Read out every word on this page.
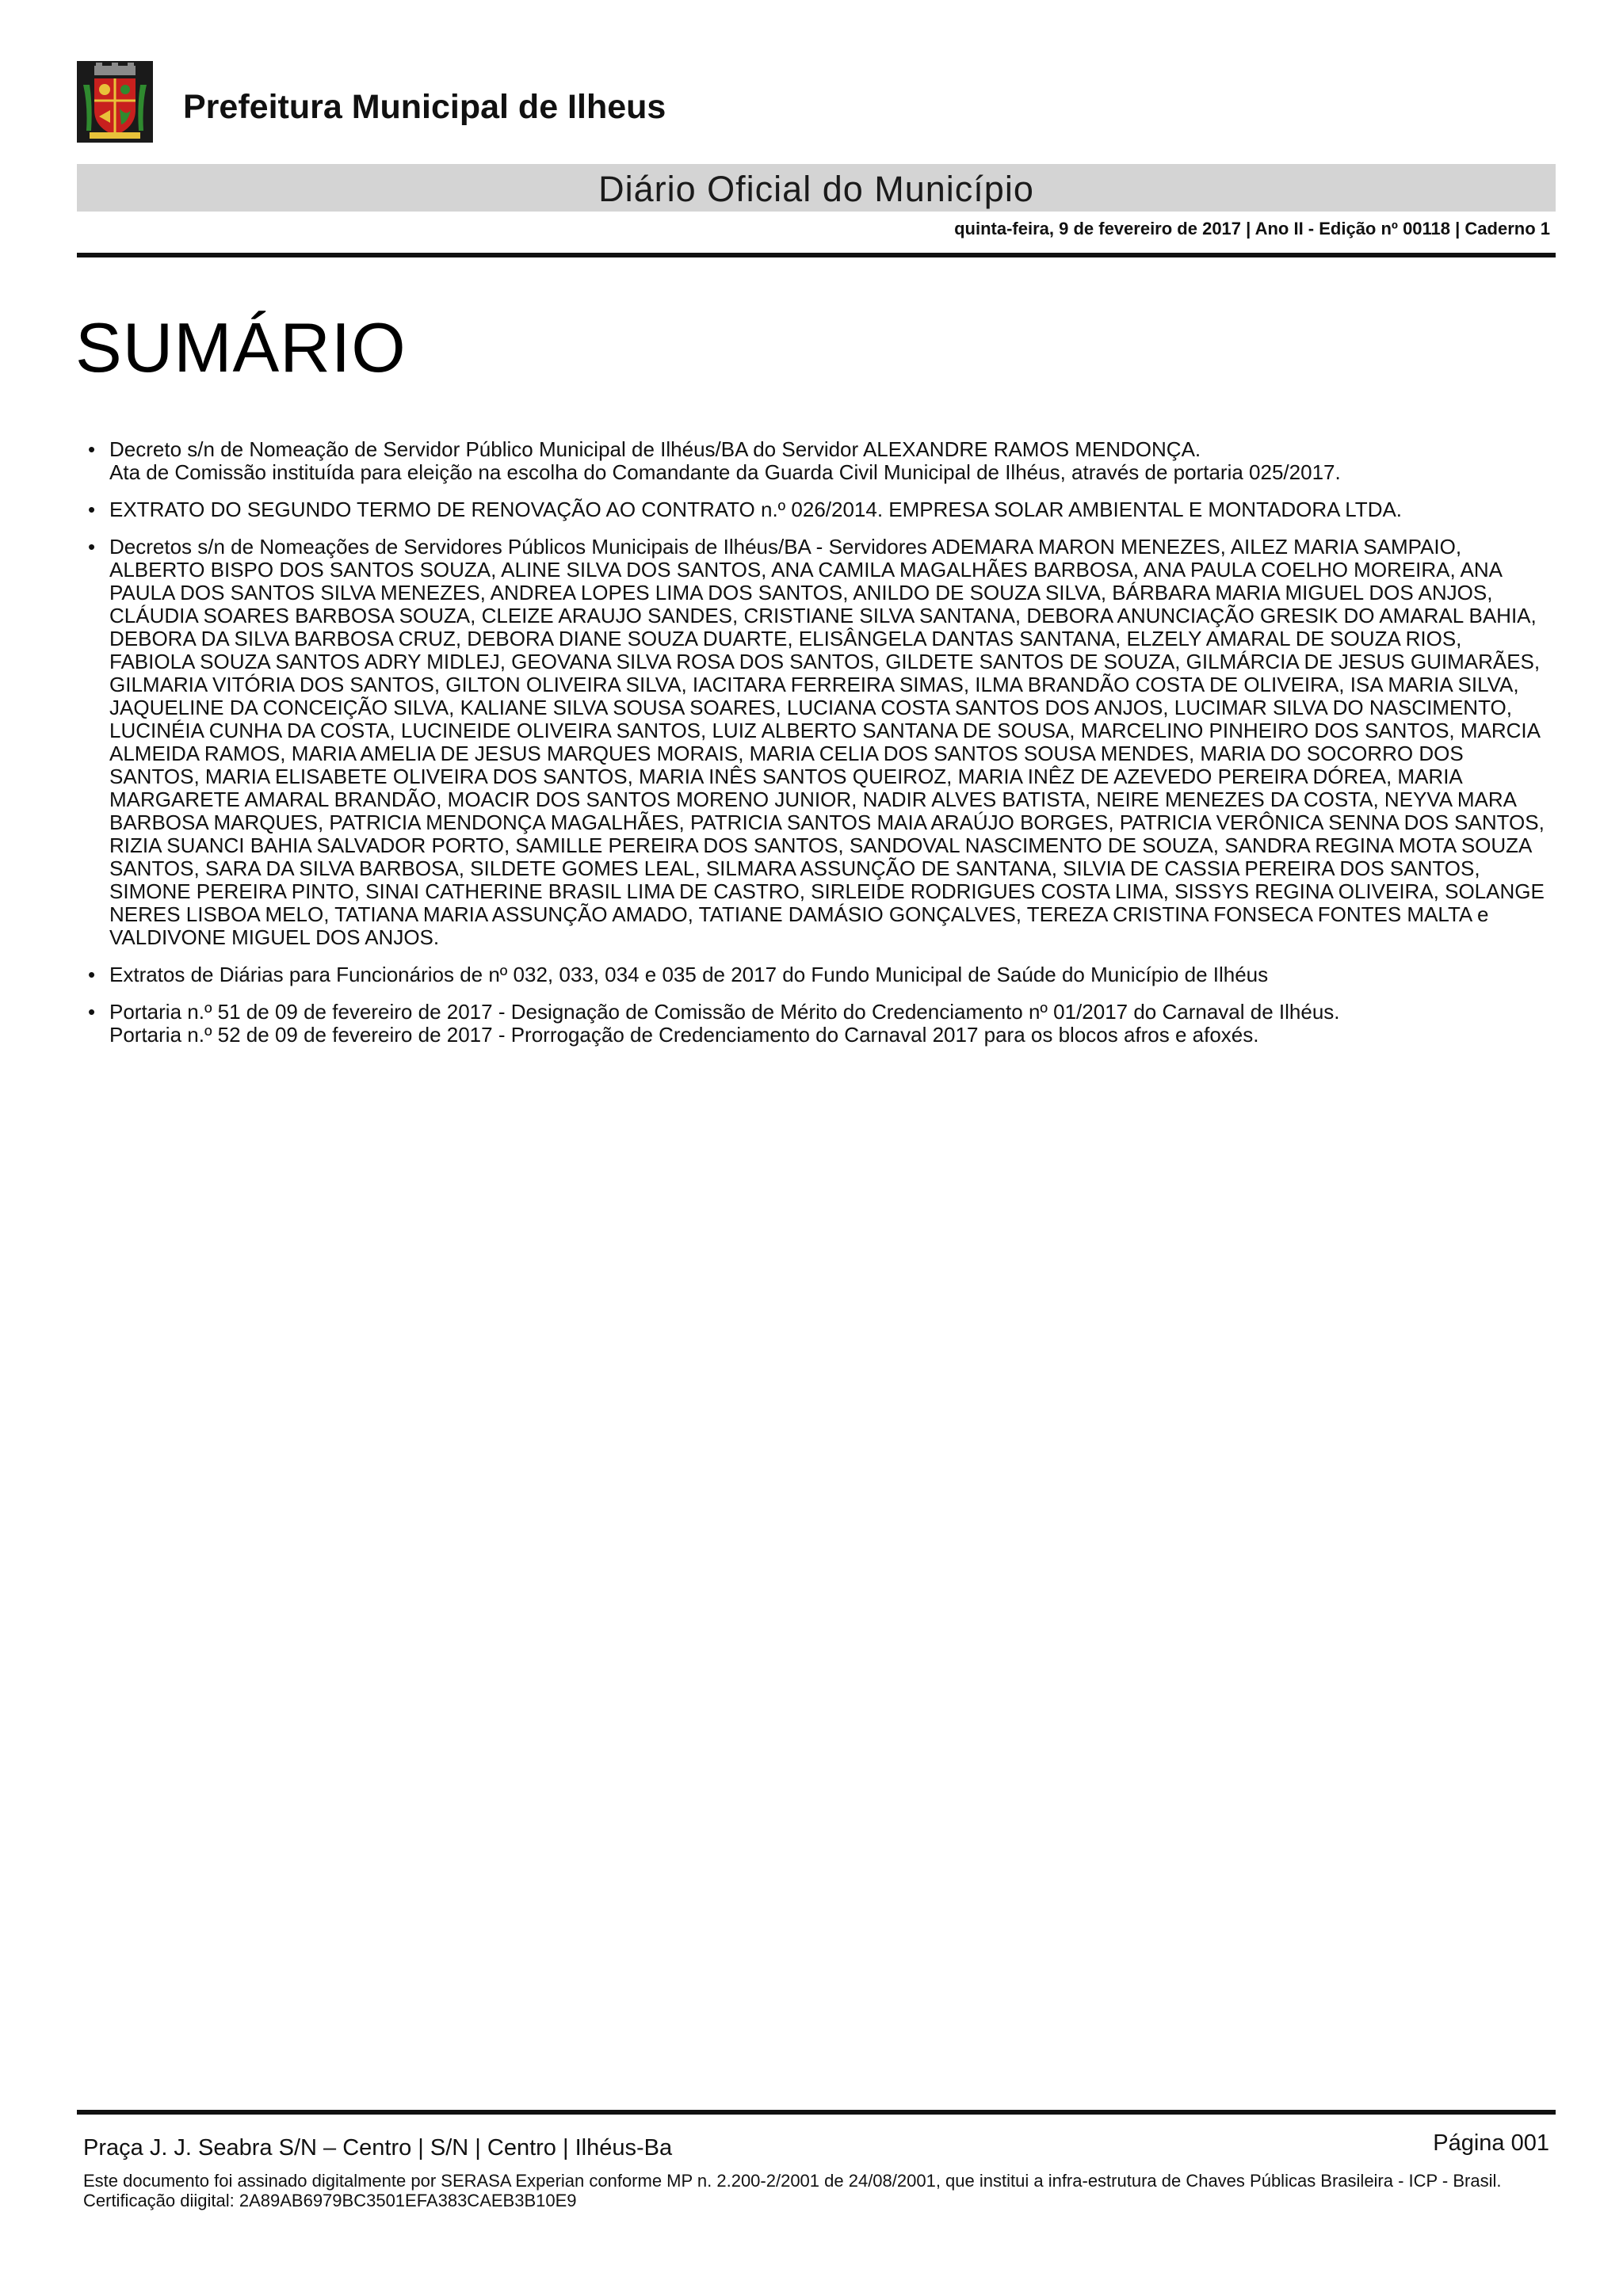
Prefeitura Municipal de Ilheus
Diário Oficial do Município
quinta-feira, 9 de fevereiro de 2017 | Ano II - Edição nº 00118 | Caderno 1
SUMÁRIO
• Decreto s/n de Nomeação de Servidor Público Municipal de Ilhéus/BA do Servidor ALEXANDRE RAMOS MENDONÇA.

Ata de Comissão instituída para eleição na escolha do Comandante da Guarda Civil Municipal de Ilhéus, através de portaria 025/2017.

• EXTRATO DO SEGUNDO TERMO DE RENOVAÇÃO AO CONTRATO n.º 026/2014. EMPRESA SOLAR AMBIENTAL E MONTADORA LTDA.

• Decretos s/n de Nomeações de Servidores Públicos Municipais de Ilhéus/BA - Servidores ADEMARA MARON MENEZES, AILEZ MARIA SAMPAIO, ALBERTO BISPO DOS SANTOS SOUZA, ALINE SILVA DOS SANTOS, ANA CAMILA MAGALHÃES BARBOSA, ANA PAULA COELHO MOREIRA, ANA PAULA DOS SANTOS SILVA MENEZES, ANDREA LOPES LIMA DOS SANTOS, ANILDO DE SOUZA SILVA, BÁRBARA MARIA MIGUEL DOS ANJOS, CLÁUDIA SOARES BARBOSA SOUZA, CLEIZE ARAUJO SANDES, CRISTIANE SILVA SANTANA, DEBORA ANUNCIAÇÃO GRESIK DO AMARAL BAHIA, DEBORA DA SILVA BARBOSA CRUZ, DEBORA DIANE SOUZA DUARTE, ELISÂNGELA DANTAS SANTANA, ELZELY AMARAL DE SOUZA RIOS, FABIOLA SOUZA SANTOS ADRY MIDLEJ, GEOVANA SILVA ROSA DOS SANTOS, GILDETE SANTOS DE SOUZA, GILMÁRCIA DE JESUS GUIMARÃES, GILMARIA VITÓRIA DOS SANTOS, GILTON OLIVEIRA SILVA, IACITARA FERREIRA SIMAS, ILMA BRANDÃO COSTA DE OLIVEIRA, ISA MARIA SILVA, JAQUELINE DA CONCEIÇÃO SILVA, KALIANE SILVA SOUSA SOARES, LUCIANA COSTA SANTOS DOS ANJOS, LUCIMAR SILVA DO NASCIMENTO, LUCINÉIA CUNHA DA COSTA, LUCINEIDE OLIVEIRA SANTOS, LUIZ ALBERTO SANTANA DE SOUSA, MARCELINO PINHEIRO DOS SANTOS, MARCIA ALMEIDA RAMOS, MARIA AMELIA DE JESUS MARQUES MORAIS, MARIA CELIA DOS SANTOS SOUSA MENDES, MARIA DO SOCORRO DOS SANTOS, MARIA ELISABETE OLIVEIRA DOS SANTOS, MARIA INÊS SANTOS QUEIROZ, MARIA INÊZ DE AZEVEDO PEREIRA DÓREA, MARIA MARGARETE AMARAL BRANDÃO, MOACIR DOS SANTOS MORENO JUNIOR, NADIR ALVES BATISTA, NEIRE MENEZES DA COSTA, NEYVA MARA BARBOSA MARQUES, PATRICIA MENDONÇA MAGALHÃES, PATRICIA SANTOS MAIA ARAÚJO BORGES, PATRICIA VERÔNICA SENNA DOS SANTOS, RIZIA SUANCI BAHIA SALVADOR PORTO, SAMILLE PEREIRA DOS SANTOS, SANDOVAL NASCIMENTO DE SOUZA, SANDRA REGINA MOTA SOUZA SANTOS, SARA DA SILVA BARBOSA, SILDETE GOMES LEAL, SILMARA ASSUNÇÃO DE SANTANA, SILVIA DE CASSIA PEREIRA DOS SANTOS, SIMONE PEREIRA PINTO, SINAI CATHERINE BRASIL LIMA DE CASTRO, SIRLEIDE RODRIGUES COSTA LIMA, SISSYS REGINA OLIVEIRA, SOLANGE NERES LISBOA MELO, TATIANA MARIA ASSUNÇÃO AMADO, TATIANE DAMÁSIO GONÇALVES, TEREZA CRISTINA FONSECA FONTES MALTA e VALDIVONE MIGUEL DOS ANJOS.

• Extratos de Diárias para Funcionários de nº 032, 033, 034 e 035 de 2017 do Fundo Municipal de Saúde do Município de Ilhéus

• Portaria n.º 51 de 09 de fevereiro de 2017 - Designação de Comissão de Mérito do Credenciamento nº 01/2017 do Carnaval de Ilhéus.

Portaria n.º 52 de 09 de fevereiro de 2017 - Prorrogação de Credenciamento do Carnaval 2017 para os blocos afros e afoxés.

Praça J. J. Seabra S/N – Centro | S/N | Centro | Ilhéus-Ba	Página 001
Este documento foi assinado digitalmente por SERASA Experian conforme MP n. 2.200-2/2001 de 24/08/2001, que institui a infra-estrutura de Chaves Públicas Brasileira - ICP - Brasil. Certificação diigital: 2A89AB6979BC3501EFA383CAEB3B10E9
